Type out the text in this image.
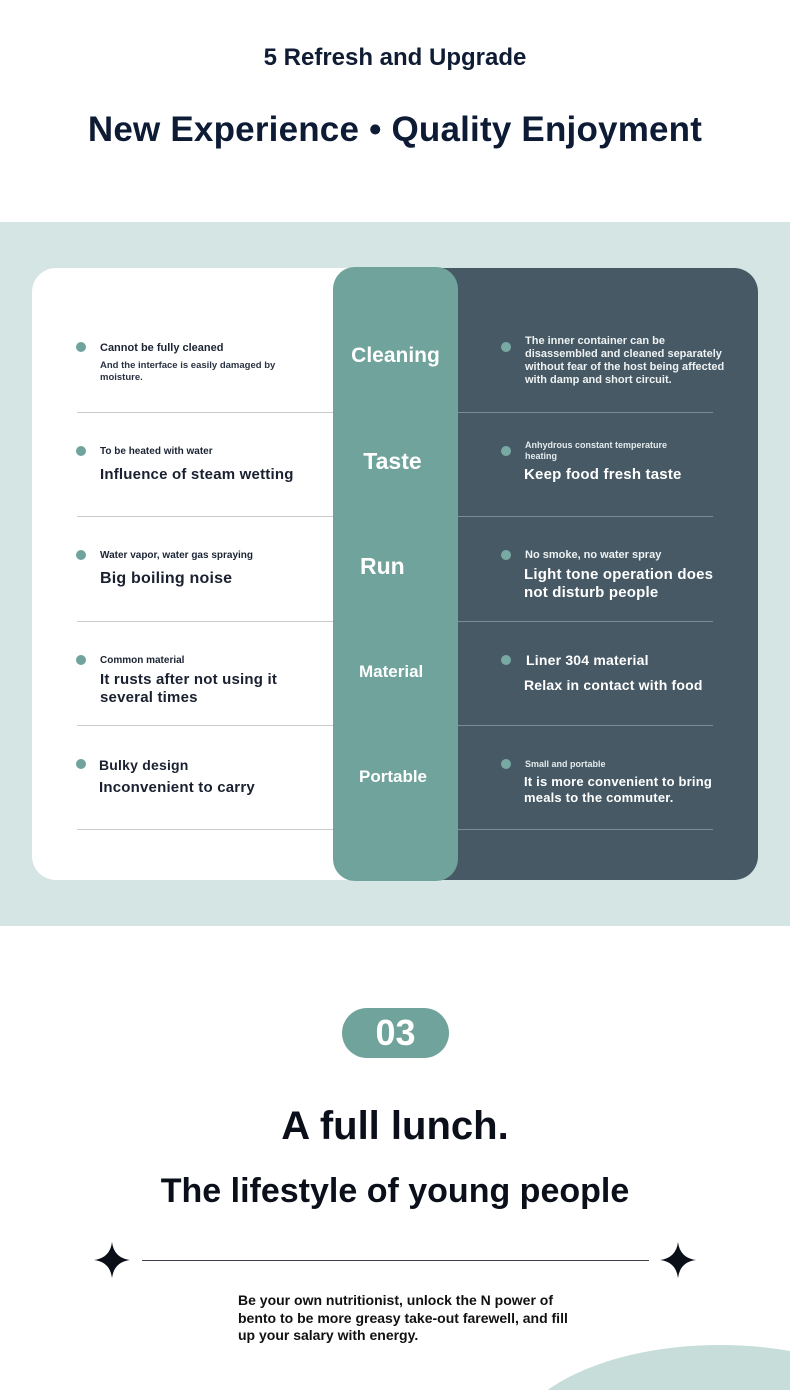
5 Refresh and Upgrade
New Experience • Quality Enjoyment
Cannot be fully cleaned
And the interface is easily damaged by moisture.
Cleaning
The inner container can be disassembled and cleaned separately without fear of the host being affected with damp and short circuit.
To be heated with water
Influence of steam wetting
Taste
Anhydrous constant temperature heating
Keep food fresh taste
Water vapor, water gas spraying
Big boiling noise	Run	No smoke, no water spray
Light tone operation does not disturb people
Common material
It rusts after not using it several times
Material
Liner 304 material
Relax in contact with food
Bulky design
Inconvenient to carry
Portable
Small and portable
It is more convenient to bring meals to the commuter.
03
A full lunch.
The lifestyle of young people
Be your own nutritionist, unlock the N power of bento to be more greasy take-out farewell, and fill up your salary with energy.
